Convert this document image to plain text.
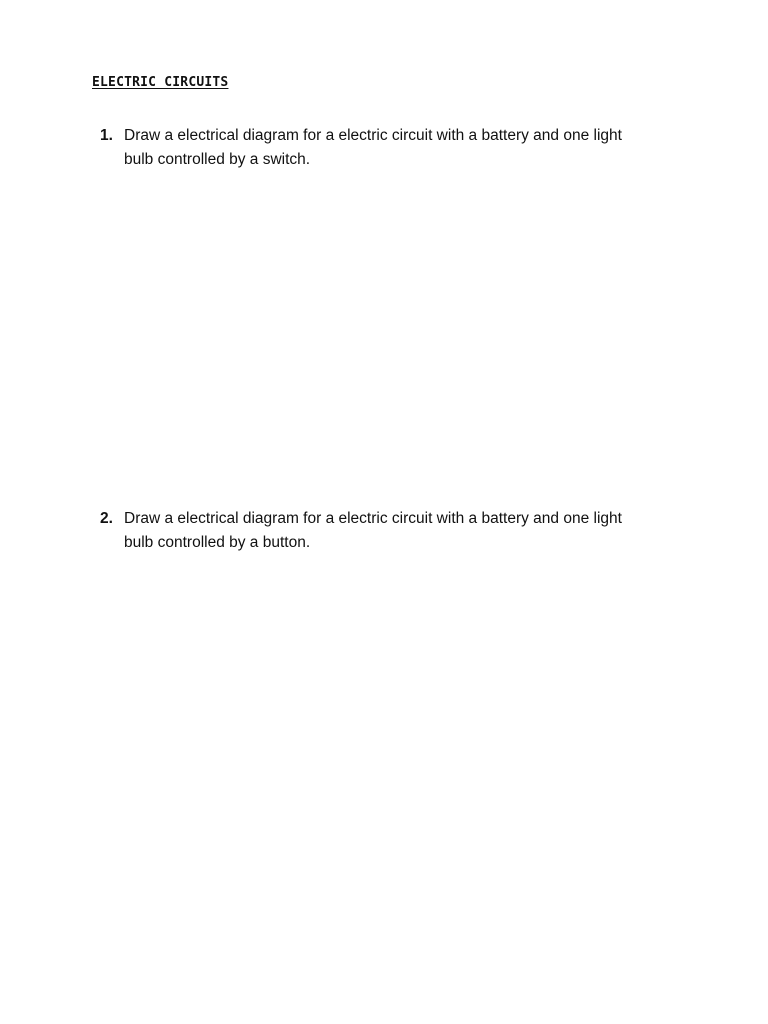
ELECTRIC CIRCUITS
1. Draw a electrical diagram for a electric circuit with a battery and one light
bulb controlled by a switch.
2. Draw a electrical diagram for a electric circuit with a battery and one light
bulb controlled by a button.
